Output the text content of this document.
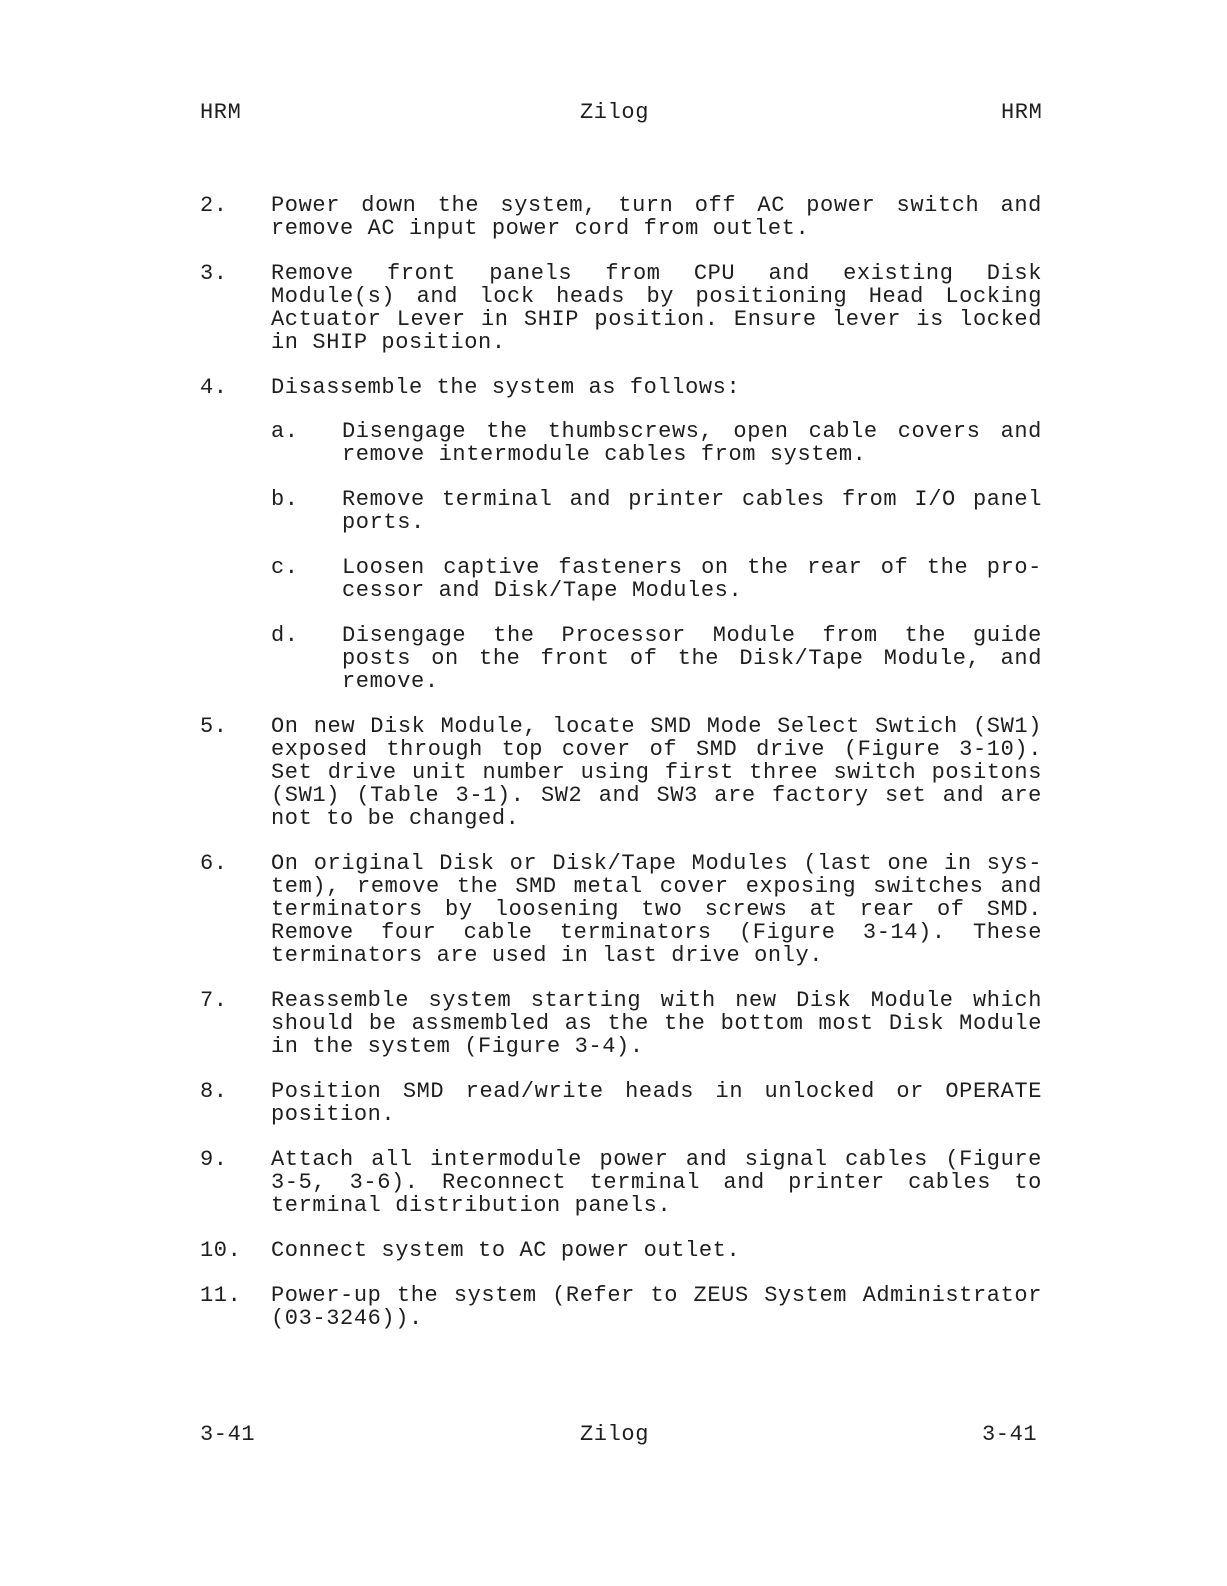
HRM	Zilog	HRM
2.	Power down the system, turn off AC power switch and remove AC input power cord from outlet.
3.	Remove front panels from CPU and existing Disk Module(s) and lock heads by positioning Head Locking Actuator Lever in SHIP position. Ensure lever is locked in SHIP position.
4.	Disassemble the system as follows:
a.	Disengage the thumbscrews, open cable covers and remove intermodule cables from system.
b.	Remove terminal and printer cables from I/O panel ports.
c.	Loosen captive fasteners on the rear of the pro-cessor and Disk/Tape Modules.
d.	Disengage the Processor Module from the guide posts on the front of the Disk/Tape Module, and remove.
5.	On new Disk Module, locate SMD Mode Select Swtich (SW1) exposed through top cover of SMD drive (Figure 3-10). Set drive unit number using first three switch positons (SW1) (Table 3-1). SW2 and SW3 are factory set and are not to be changed.
6.	On original Disk or Disk/Tape Modules (last one in sys-tem), remove the SMD metal cover exposing switches and terminators by loosening two screws at rear of SMD. Remove four cable terminators (Figure 3-14). These terminators are used in last drive only.
7.	Reassemble system starting with new Disk Module which should be assmembled as the the bottom most Disk Module in the system (Figure 3-4).
8.	Position SMD read/write heads in unlocked or OPERATE position.
9.	Attach all intermodule power and signal cables (Figure 3-5, 3-6). Reconnect terminal and printer cables to terminal distribution panels.
10.	Connect system to AC power outlet.
11.	Power-up the system (Refer to ZEUS System Administrator (03-3246)).
3-41	Zilog	3-41
